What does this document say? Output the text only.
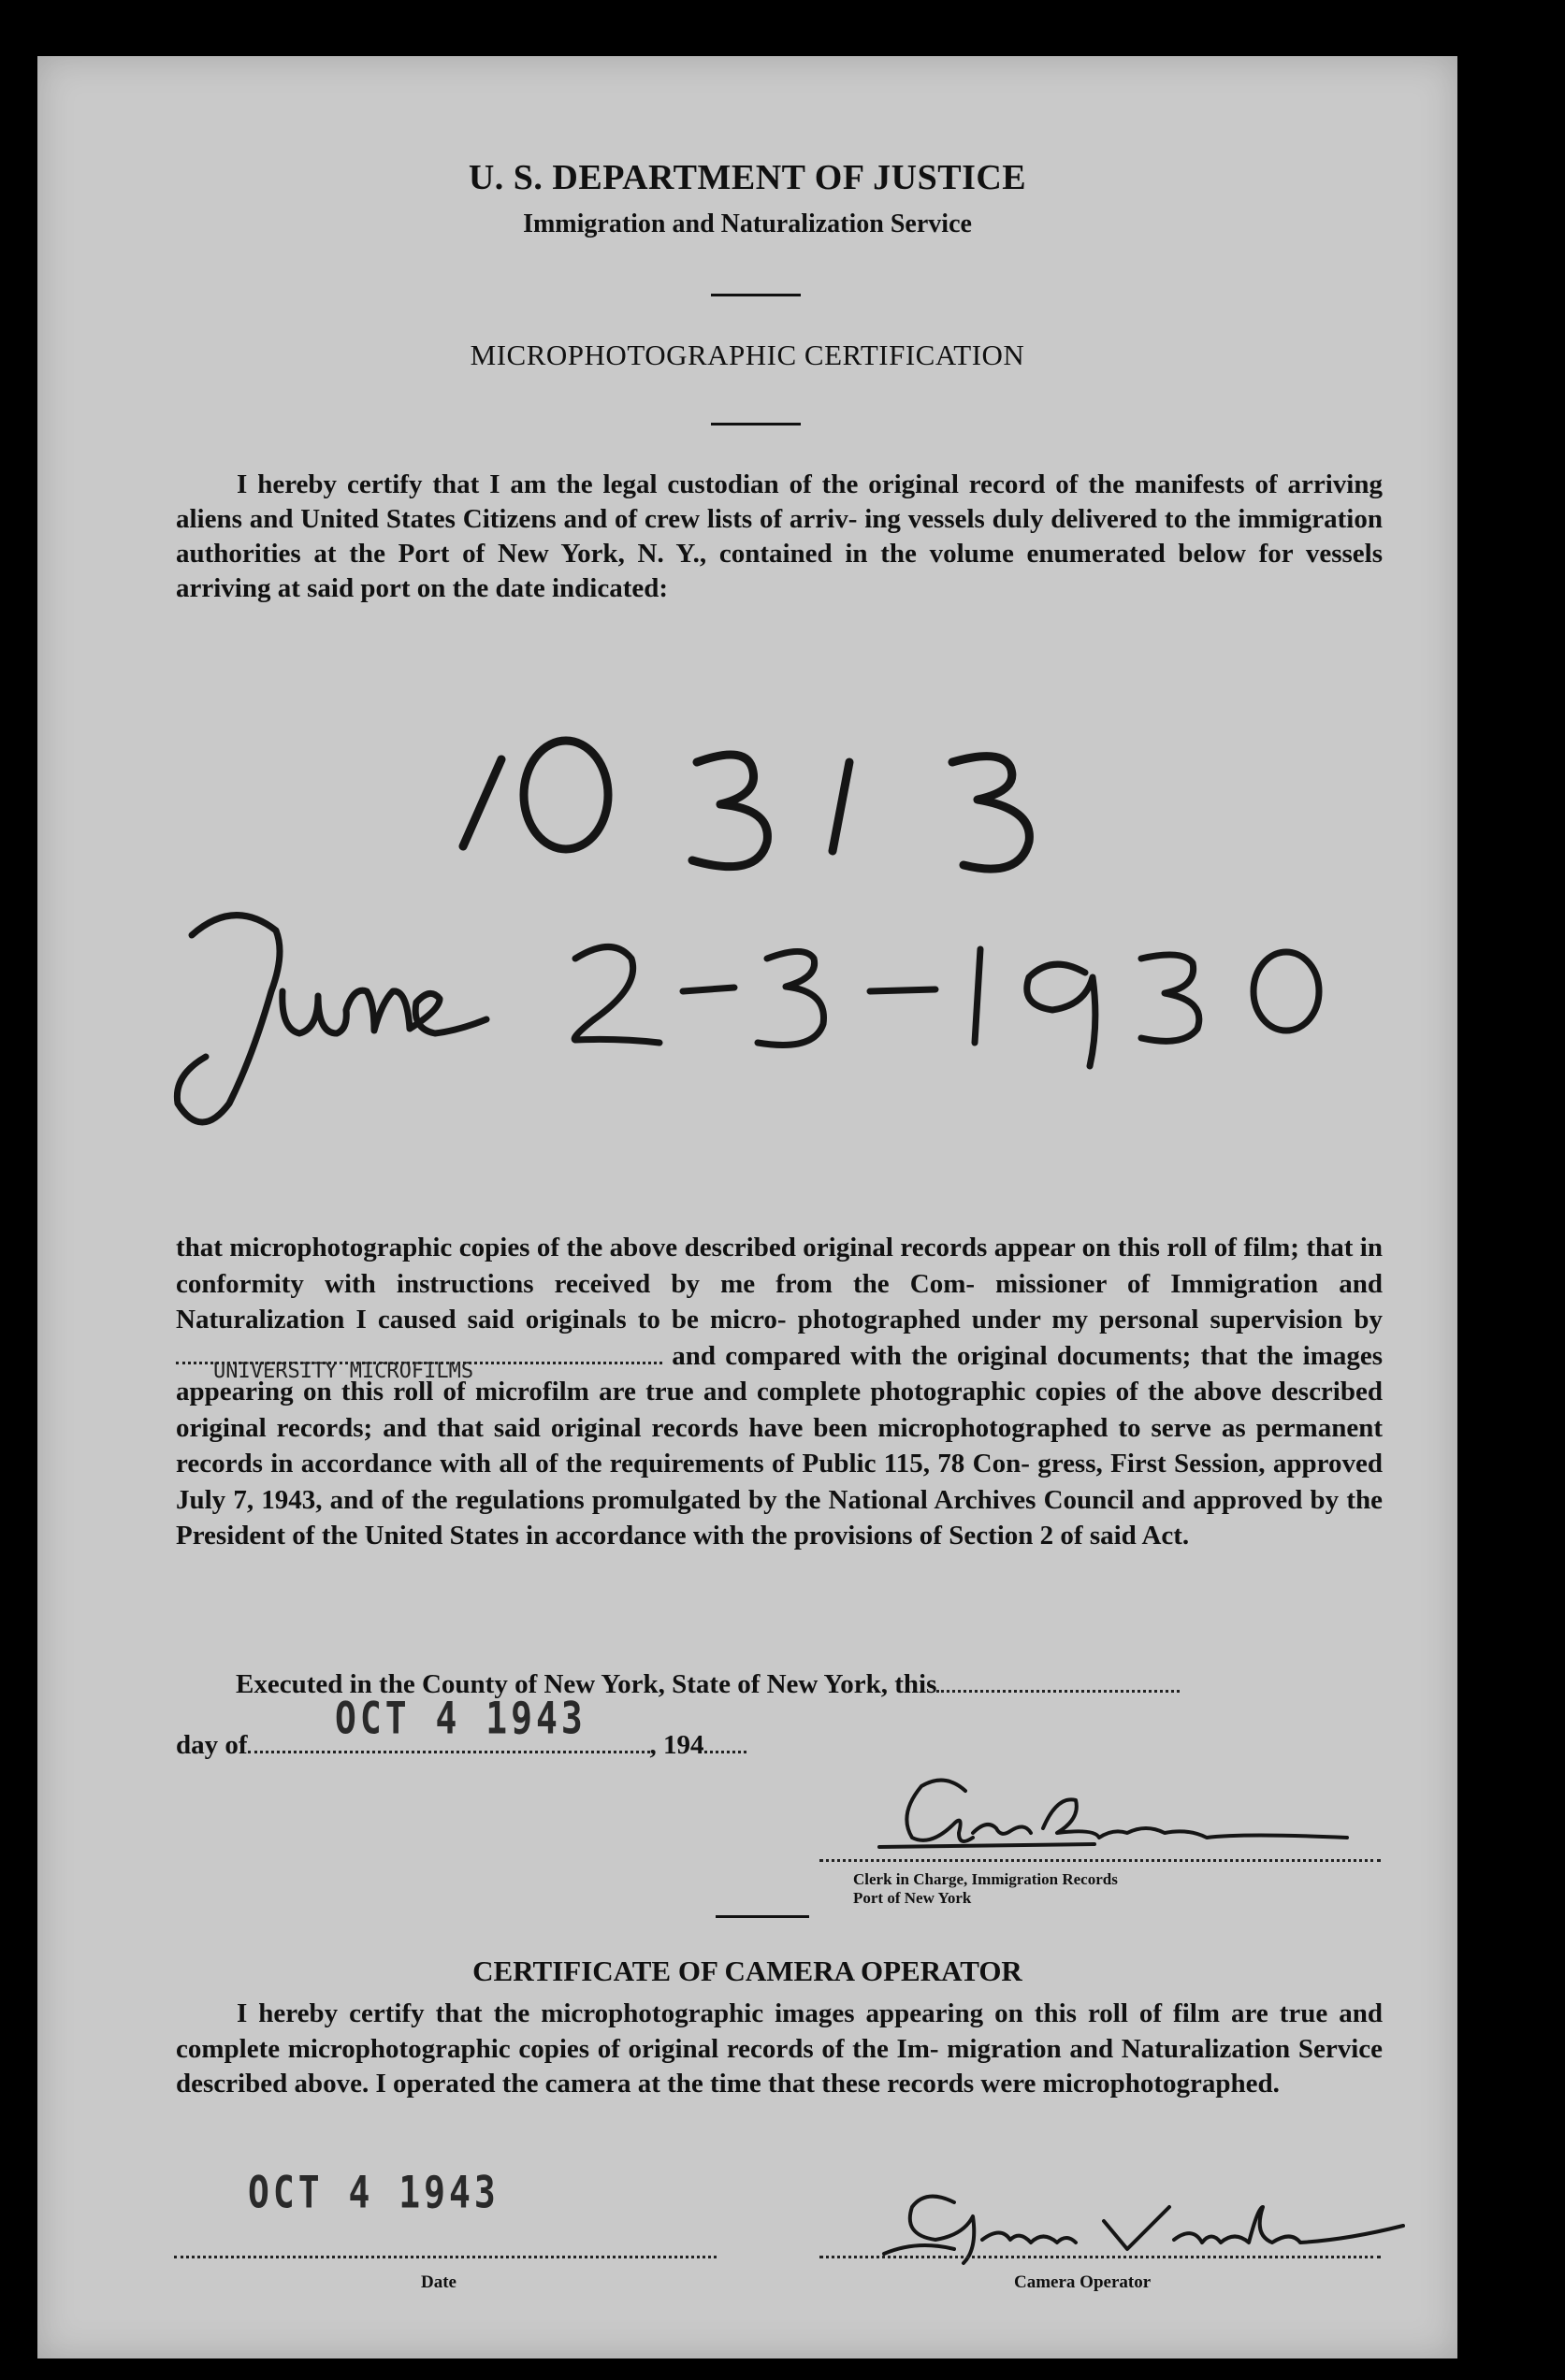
U. S. DEPARTMENT OF JUSTICE
Immigration and Naturalization Service
MICROPHOTOGRAPHIC CERTIFICATION
I hereby certify that I am the legal custodian of the original record of the manifests of arriving aliens and United States Citizens and of crew lists of arriv- ing vessels duly delivered to the immigration authorities at the Port of New York, N. Y., contained in the volume enumerated below for vessels arriving at said port on the date indicated:
that microphotographic copies of the above described original records appear on this roll of film; that in conformity with instructions received by me from the Com- missioner of Immigration and Naturalization I caused said originals to be micro- photographed under my personal supervision by
UNIVERSITY MICROFILMS
and compared with the original documents; that the images appearing on this roll of microfilm are true and complete photographic copies of the above described original records; and that said original records have been microphotographed to serve as permanent records in accordance with all of the requirements of Public 115, 78 Con- gress, First Session, approved July 7, 1943, and of the regulations promulgated by the National Archives Council and approved by the President of the United States in accordance with the provisions of Section 2 of said Act.
Executed in the County of New York, State of New York, this
day of	, 194
OCT 4 1943
Clerk in Charge, Immigration Records
Port of New York
CERTIFICATE OF CAMERA OPERATOR
I hereby certify that the microphotographic images appearing on this roll of film are true and complete microphotographic copies of original records of the Im- migration and Naturalization Service described above. I operated the camera at the time that these records were microphotographed.
OCT 4 1943
Date	Camera Operator
